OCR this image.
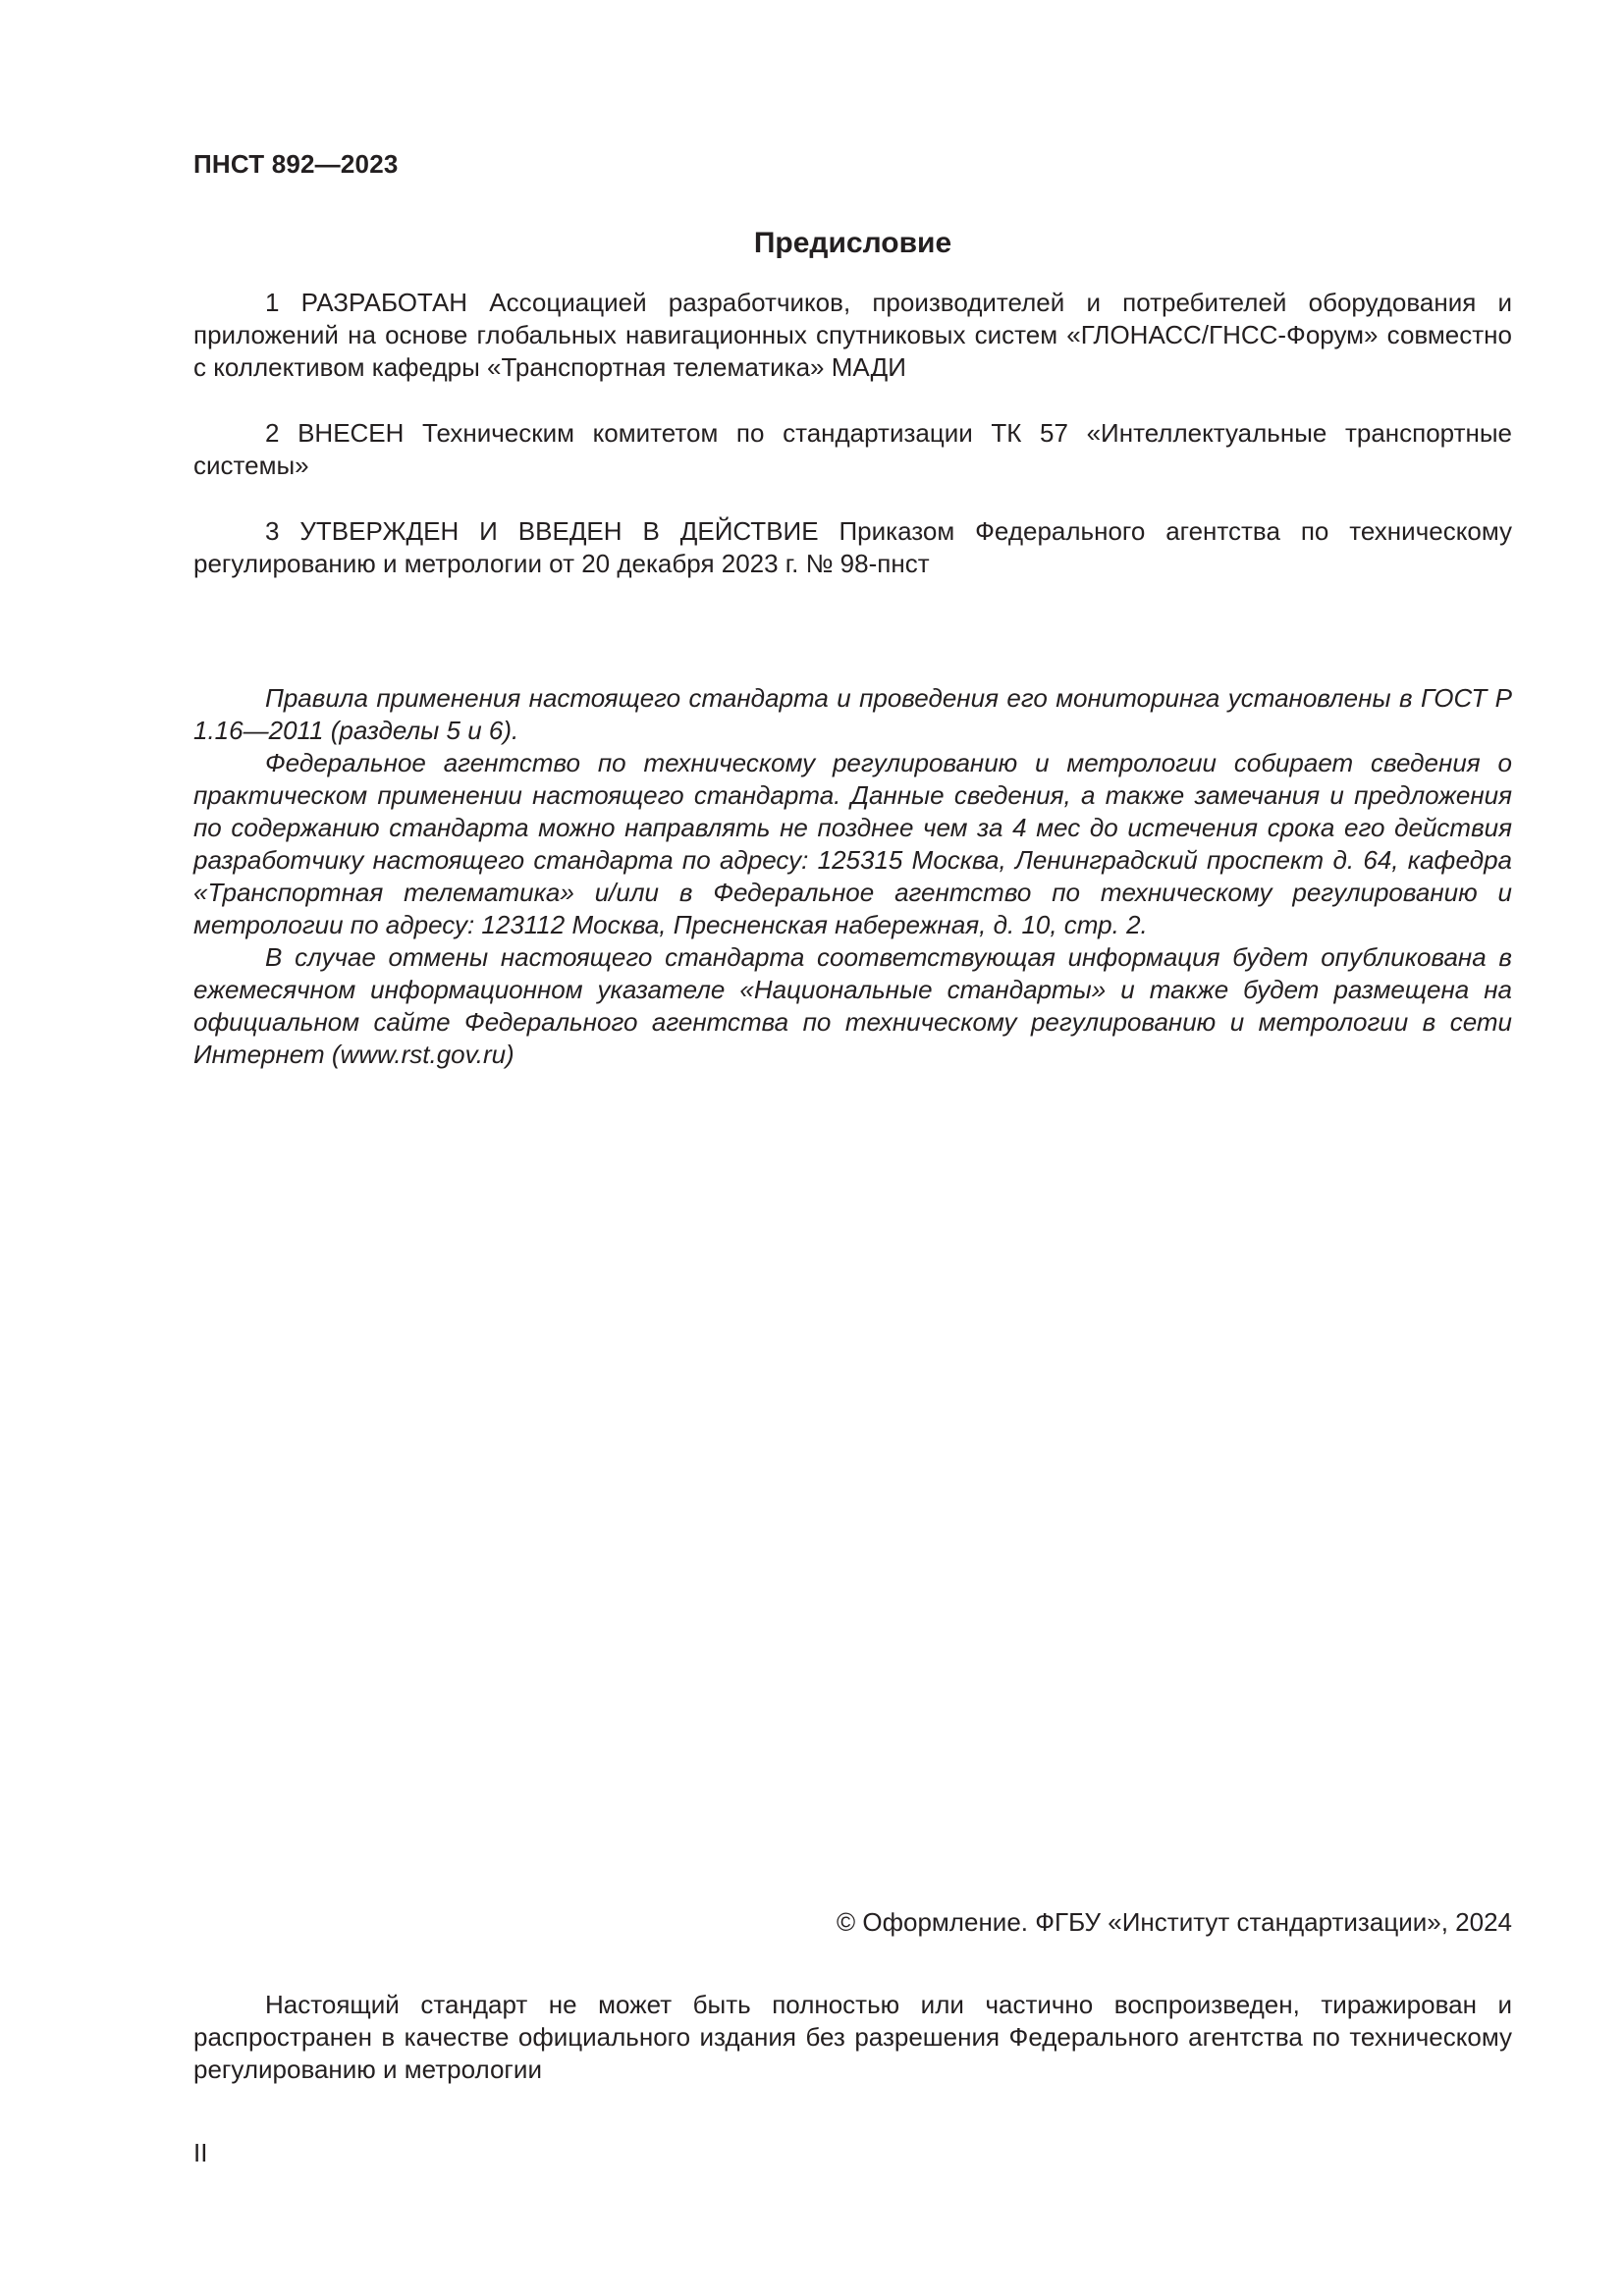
ПНСТ 892—2023
Предисловие

1 РАЗРАБОТАН Ассоциацией разработчиков, производителей и потребителей оборудования и приложений на основе глобальных навигационных спутниковых систем «ГЛОНАСС/ГНСС-Форум» совместно с коллективом кафедры «Транспортная телематика» МАДИ

2 ВНЕСЕН Техническим комитетом по стандартизации ТК 57 «Интеллектуальные транспортные системы»

3 УТВЕРЖДЕН И ВВЕДЕН В ДЕЙСТВИЕ Приказом Федерального агентства по техническому регулированию и метрологии от 20 декабря 2023 г. № 98-пнст

Правила применения настоящего стандарта и проведения его мониторинга установлены в ГОСТ Р 1.16—2011 (разделы 5 и 6).

Федеральное агентство по техническому регулированию и метрологии собирает сведения о практическом применении настоящего стандарта. Данные сведения, а также замечания и предложения по содержанию стандарта можно направлять не позднее чем за 4 мес до истечения срока его действия разработчику настоящего стандарта по адресу: 125315 Москва, Ленинградский проспект д. 64, кафедра «Транспортная телематика» и/или в Федеральное агентство по техническому регулированию и метрологии по адресу: 123112 Москва, Пресненская набережная, д. 10, стр. 2.

В случае отмены настоящего стандарта соответствующая информация будет опубликована в ежемесячном информационном указателе «Национальные стандарты» и также будет размещена на официальном сайте Федерального агентства по техническому регулированию и метрологии в сети Интернет (www.rst.gov.ru)

© Оформление. ФГБУ «Институт стандартизации», 2024

Настоящий стандарт не может быть полностью или частично воспроизведен, тиражирован и распространен в качестве официального издания без разрешения Федерального агентства по техническому регулированию и метрологии

II
